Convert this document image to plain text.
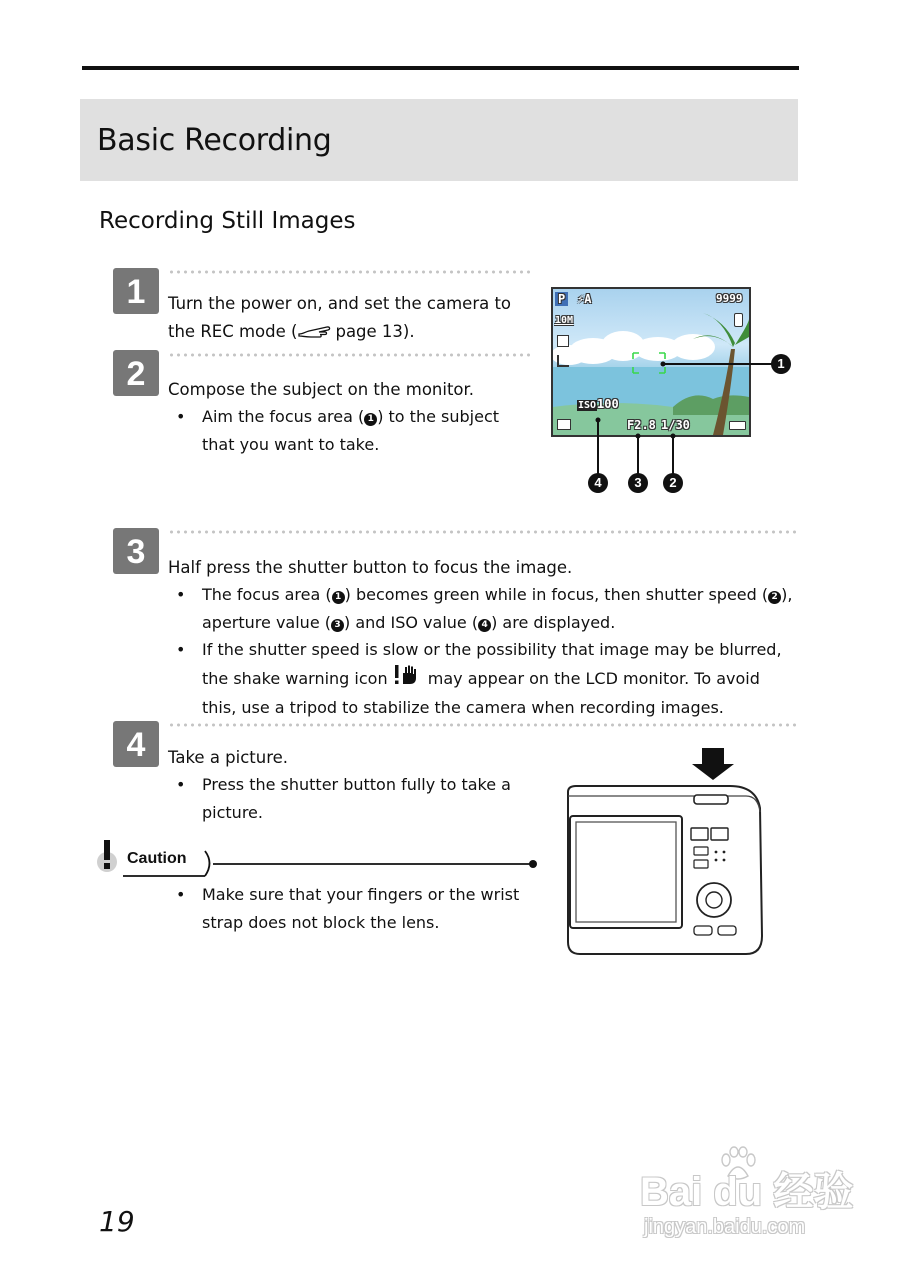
Basic Recording
Recording Still Images
1	Turn the power on, and set the camera to
the REC mode ( page 13).
P ⚡A	9999
10M
ISO 100
F2.8 1/30
1
4	3	2
2	Compose the subject on the monitor.
• Aim the focus area ( 1 ) to the subject
that you want to take.
3	Half press the shutter button to focus the image.
• The focus area ( 1 ) becomes green while in focus, then shutter speed ( 2 ),
aperture value ( 3 ) and ISO value ( 4 ) are displayed.
• If the shutter speed is slow or the possibility that image may be blurred,
the shake warning icon	may appear on the LCD monitor. To avoid
this, use a tripod to stabilize the camera when recording images.
4	Take a picture.
• Press the shutter button fully to take a
picture.
Caution
• Make sure that your fingers or the wrist
strap does not block the lens.
19
Bai du 经验
jingyan.baidu.com
